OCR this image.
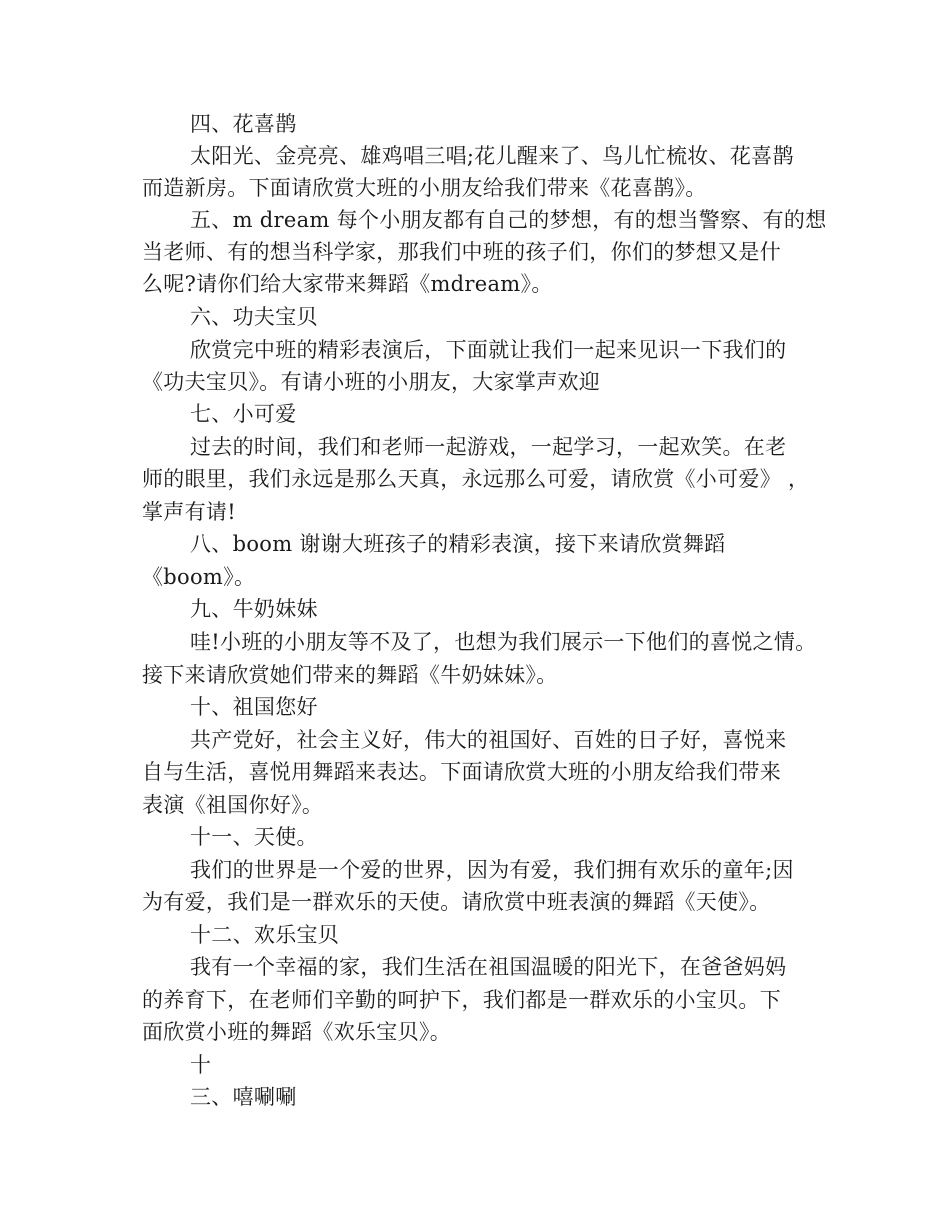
四、花喜鹊
太阳光、金亮亮、雄鸡唱三唱;花儿醒来了、鸟儿忙梳妆、花喜鹊
而造新房。下面请欣赏大班的小朋友给我们带来《花喜鹊》。
五、m dream 每个小朋友都有自己的梦想，有的想当警察、有的想
当老师、有的想当科学家，那我们中班的孩子们，你们的梦想又是什
么呢?请你们给大家带来舞蹈《mdream》。
六、功夫宝贝
欣赏完中班的精彩表演后，下面就让我们一起来见识一下我们的
《功夫宝贝》。有请小班的小朋友，大家掌声欢迎
七、小可爱
过去的时间，我们和老师一起游戏，一起学习，一起欢笑。在老
师的眼里，我们永远是那么天真，永远那么可爱，请欣赏《小可爱》 ，
掌声有请!
八、boom 谢谢大班孩子的精彩表演，接下来请欣赏舞蹈
《boom》。
九、牛奶妹妹
哇!小班的小朋友等不及了，也想为我们展示一下他们的喜悦之情。
接下来请欣赏她们带来的舞蹈《牛奶妹妹》。
十、祖国您好
共产党好，社会主义好，伟大的祖国好、百姓的日子好，喜悦来
自与生活，喜悦用舞蹈来表达。下面请欣赏大班的小朋友给我们带来
表演《祖国你好》。
十一、天使。
我们的世界是一个爱的世界，因为有爱，我们拥有欢乐的童年;因
为有爱，我们是一群欢乐的天使。请欣赏中班表演的舞蹈《天使》。
十二、欢乐宝贝
我有一个幸福的家，我们生活在祖国温暖的阳光下，在爸爸妈妈
的养育下，在老师们辛勤的呵护下，我们都是一群欢乐的小宝贝。下
面欣赏小班的舞蹈《欢乐宝贝》。
十
三、嘻唰唰
